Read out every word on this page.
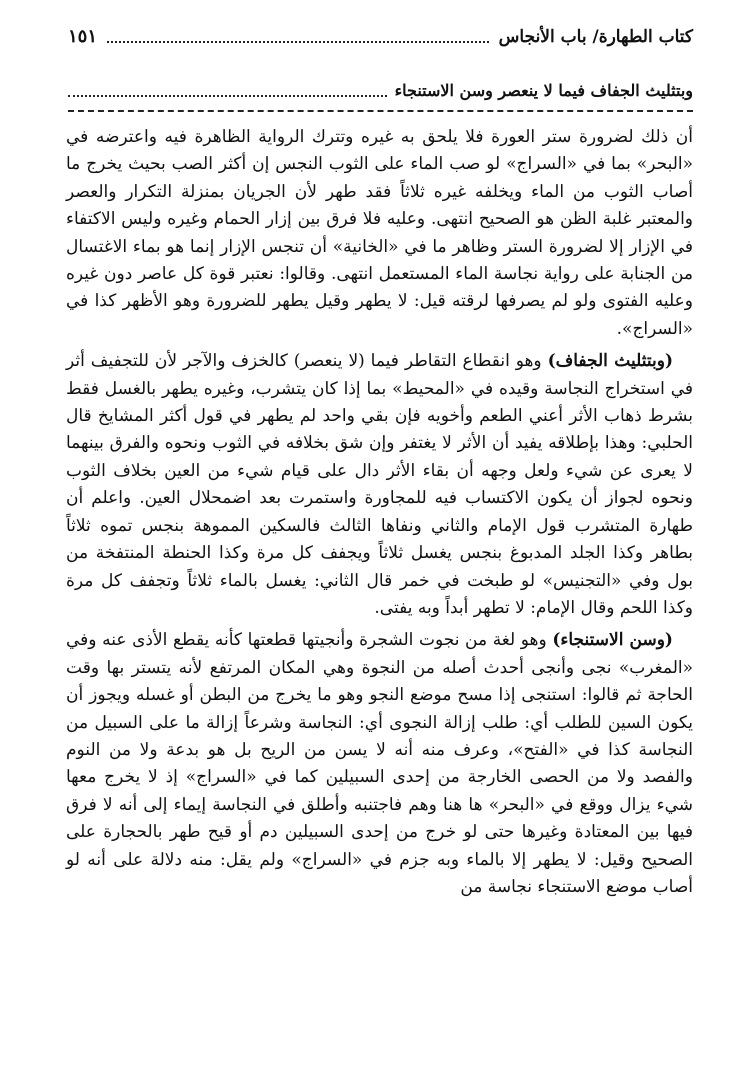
كتاب الطهارة/ باب الأنجاس
١٥١
وبتثليث الجفاف فيما لا ينعصر وسن الاستنجاء

أن ذلك لضرورة ستر العورة فلا يلحق به غيره وتترك الرواية الظاهرة فيه واعترضه في «البحر» بما في «السراج» لو صب الماء على الثوب النجس إن أكثر الصب بحيث يخرج ما أصاب الثوب من الماء ويخلفه غيره ثلاثاً فقد طهر لأن الجريان بمنزلة التكرار والعصر والمعتبر غلبة الظن هو الصحيح انتهى. وعليه فلا فرق بين إزار الحمام وغيره وليس الاكتفاء في الإزار إلا لضرورة الستر وظاهر ما في «الخانية» أن تنجس الإزار إنما هو بماء الاغتسال من الجنابة على رواية نجاسة الماء المستعمل انتهى. وقالوا: نعتبر قوة كل عاصر دون غيره وعليه الفتوى ولو لم يصرفها لرقته قيل: لا يطهر وقيل يطهر للضرورة وهو الأظهر كذا في «السراج».

(وبتثليث الجفاف) وهو انقطاع التقاطر فيما (لا ينعصر) كالخزف والآجر لأن للتجفيف أثر في استخراج النجاسة وقيده في «المحيط» بما إذا كان يتشرب، وغيره يطهر بالغسل فقط بشرط ذهاب الأثر أعني الطعم وأخويه فإن بقي واحد لم يطهر في قول أكثر المشايخ قال الحلبي: وهذا بإطلاقه يفيد أن الأثر لا يغتفر وإن شق بخلافه في الثوب ونحوه والفرق بينهما لا يعرى عن شيء ولعل وجهه أن بقاء الأثر دال على قيام شيء من العين بخلاف الثوب ونحوه لجواز أن يكون الاكتساب فيه للمجاورة واستمرت بعد اضمحلال العين. واعلم أن طهارة المتشرب قول الإمام والثاني ونفاها الثالث فالسكين المموهة بنجس تموه ثلاثاً بطاهر وكذا الجلد المدبوغ بنجس يغسل ثلاثاً ويجفف كل مرة وكذا الحنطة المنتفخة من بول وفي «التجنيس» لو طبخت في خمر قال الثاني: يغسل بالماء ثلاثاً وتجفف كل مرة وكذا اللحم وقال الإمام: لا تطهر أبداً وبه يفتى.

(وسن الاستنجاء) وهو لغة من نجوت الشجرة وأنجيتها قطعتها كأنه يقطع الأذى عنه وفي «المغرب» نجى وأنجى أحدث أصله من النجوة وهي المكان المرتفع لأنه يتستر بها وقت الحاجة ثم قالوا: استنجى إذا مسح موضع النجو وهو ما يخرج من البطن أو غسله ويجوز أن يكون السين للطلب أي: طلب إزالة النجوى أي: النجاسة وشرعاً إزالة ما على السبيل من النجاسة كذا في «الفتح»، وعرف منه أنه لا يسن من الريح بل هو بدعة ولا من النوم والفصد ولا من الحصى الخارجة من إحدى السبيلين كما في «السراج» إذ لا يخرج معها شيء يزال ووقع في «البحر» ها هنا وهم فاجتنبه وأطلق في النجاسة إيماء إلى أنه لا فرق فيها بين المعتادة وغيرها حتى لو خرج من إحدى السبيلين دم أو قيح طهر بالحجارة على الصحيح وقيل: لا يطهر إلا بالماء وبه جزم في «السراج» ولم يقل: منه دلالة على أنه لو أصاب موضع الاستنجاء نجاسة من
